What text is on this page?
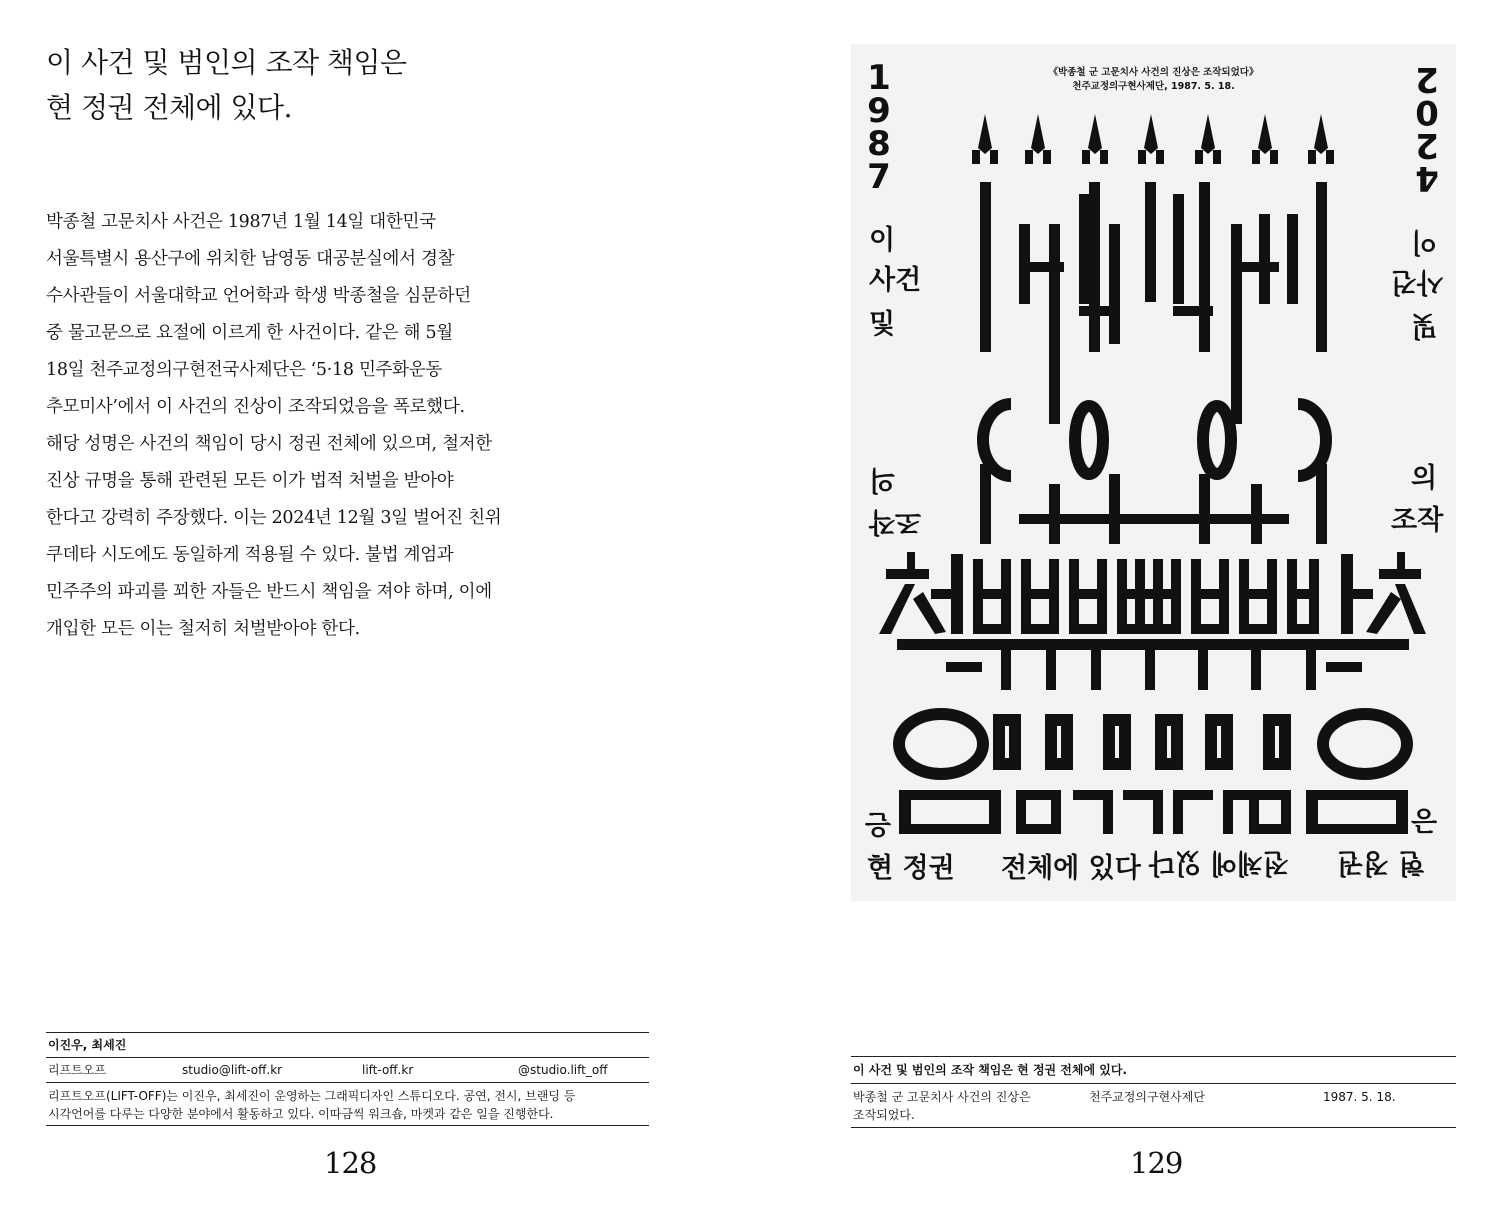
이 사건 및 범인의 조작 책임은
현 정권 전체에 있다.
박종철 고문치사 사건은 1987년 1월 14일 대한민국
서울특별시 용산구에 위치한 남영동 대공분실에서 경찰
수사관들이 서울대학교 언어학과 학생 박종철을 심문하던
중 물고문으로 요절에 이르게 한 사건이다. 같은 해 5월
18일 천주교정의구현전국사제단은 ‘5·18 민주화운동
추모미사’에서 이 사건의 진상이 조작되었음을 폭로했다.
해당 성명은 사건의 책임이 당시 정권 전체에 있으며, 철저한
진상 규명을 통해 관련된 모든 이가 법적 처벌을 받아야
한다고 강력히 주장했다. 이는 2024년 12월 3일 벌어진 친위
쿠데타 시도에도 동일하게 적용될 수 있다. 불법 계엄과
민주주의 파괴를 꾀한 자들은 반드시 책임을 져야 하며, 이에
개입한 모든 이는 철저히 처벌받아야 한다.
이진우, 최세진
리프트오프	studio@lift-off.kr	lift-off.kr	@studio.lift_off
리프트오프(LIFT-OFF)는 이진우, 최세진이 운영하는 그래픽디자인 스튜디오다. 공연, 전시, 브랜딩 등
시각언어를 다루는 다양한 분야에서 활동하고 있다. 이따금씩 워크숍, 마켓과 같은 일을 진행한다.
128
《박종철 군 고문치사 사건의 진상은 조작되었다》
천주교정의구현사제단, 1987. 5. 18.
1
9
8
7
2
0
2
4
이
사건
및
의
조작
은
이
사건
및
의
조작
은
현 정권 전체에 있다 전체에 있다 현 정권
이 사건 및 범인의 조작 책임은 현 정권 전체에 있다.
박종철 군 고문치사 사건의 진상은
조작되었다.
천주교정의구현사제단	1987. 5. 18.
129
